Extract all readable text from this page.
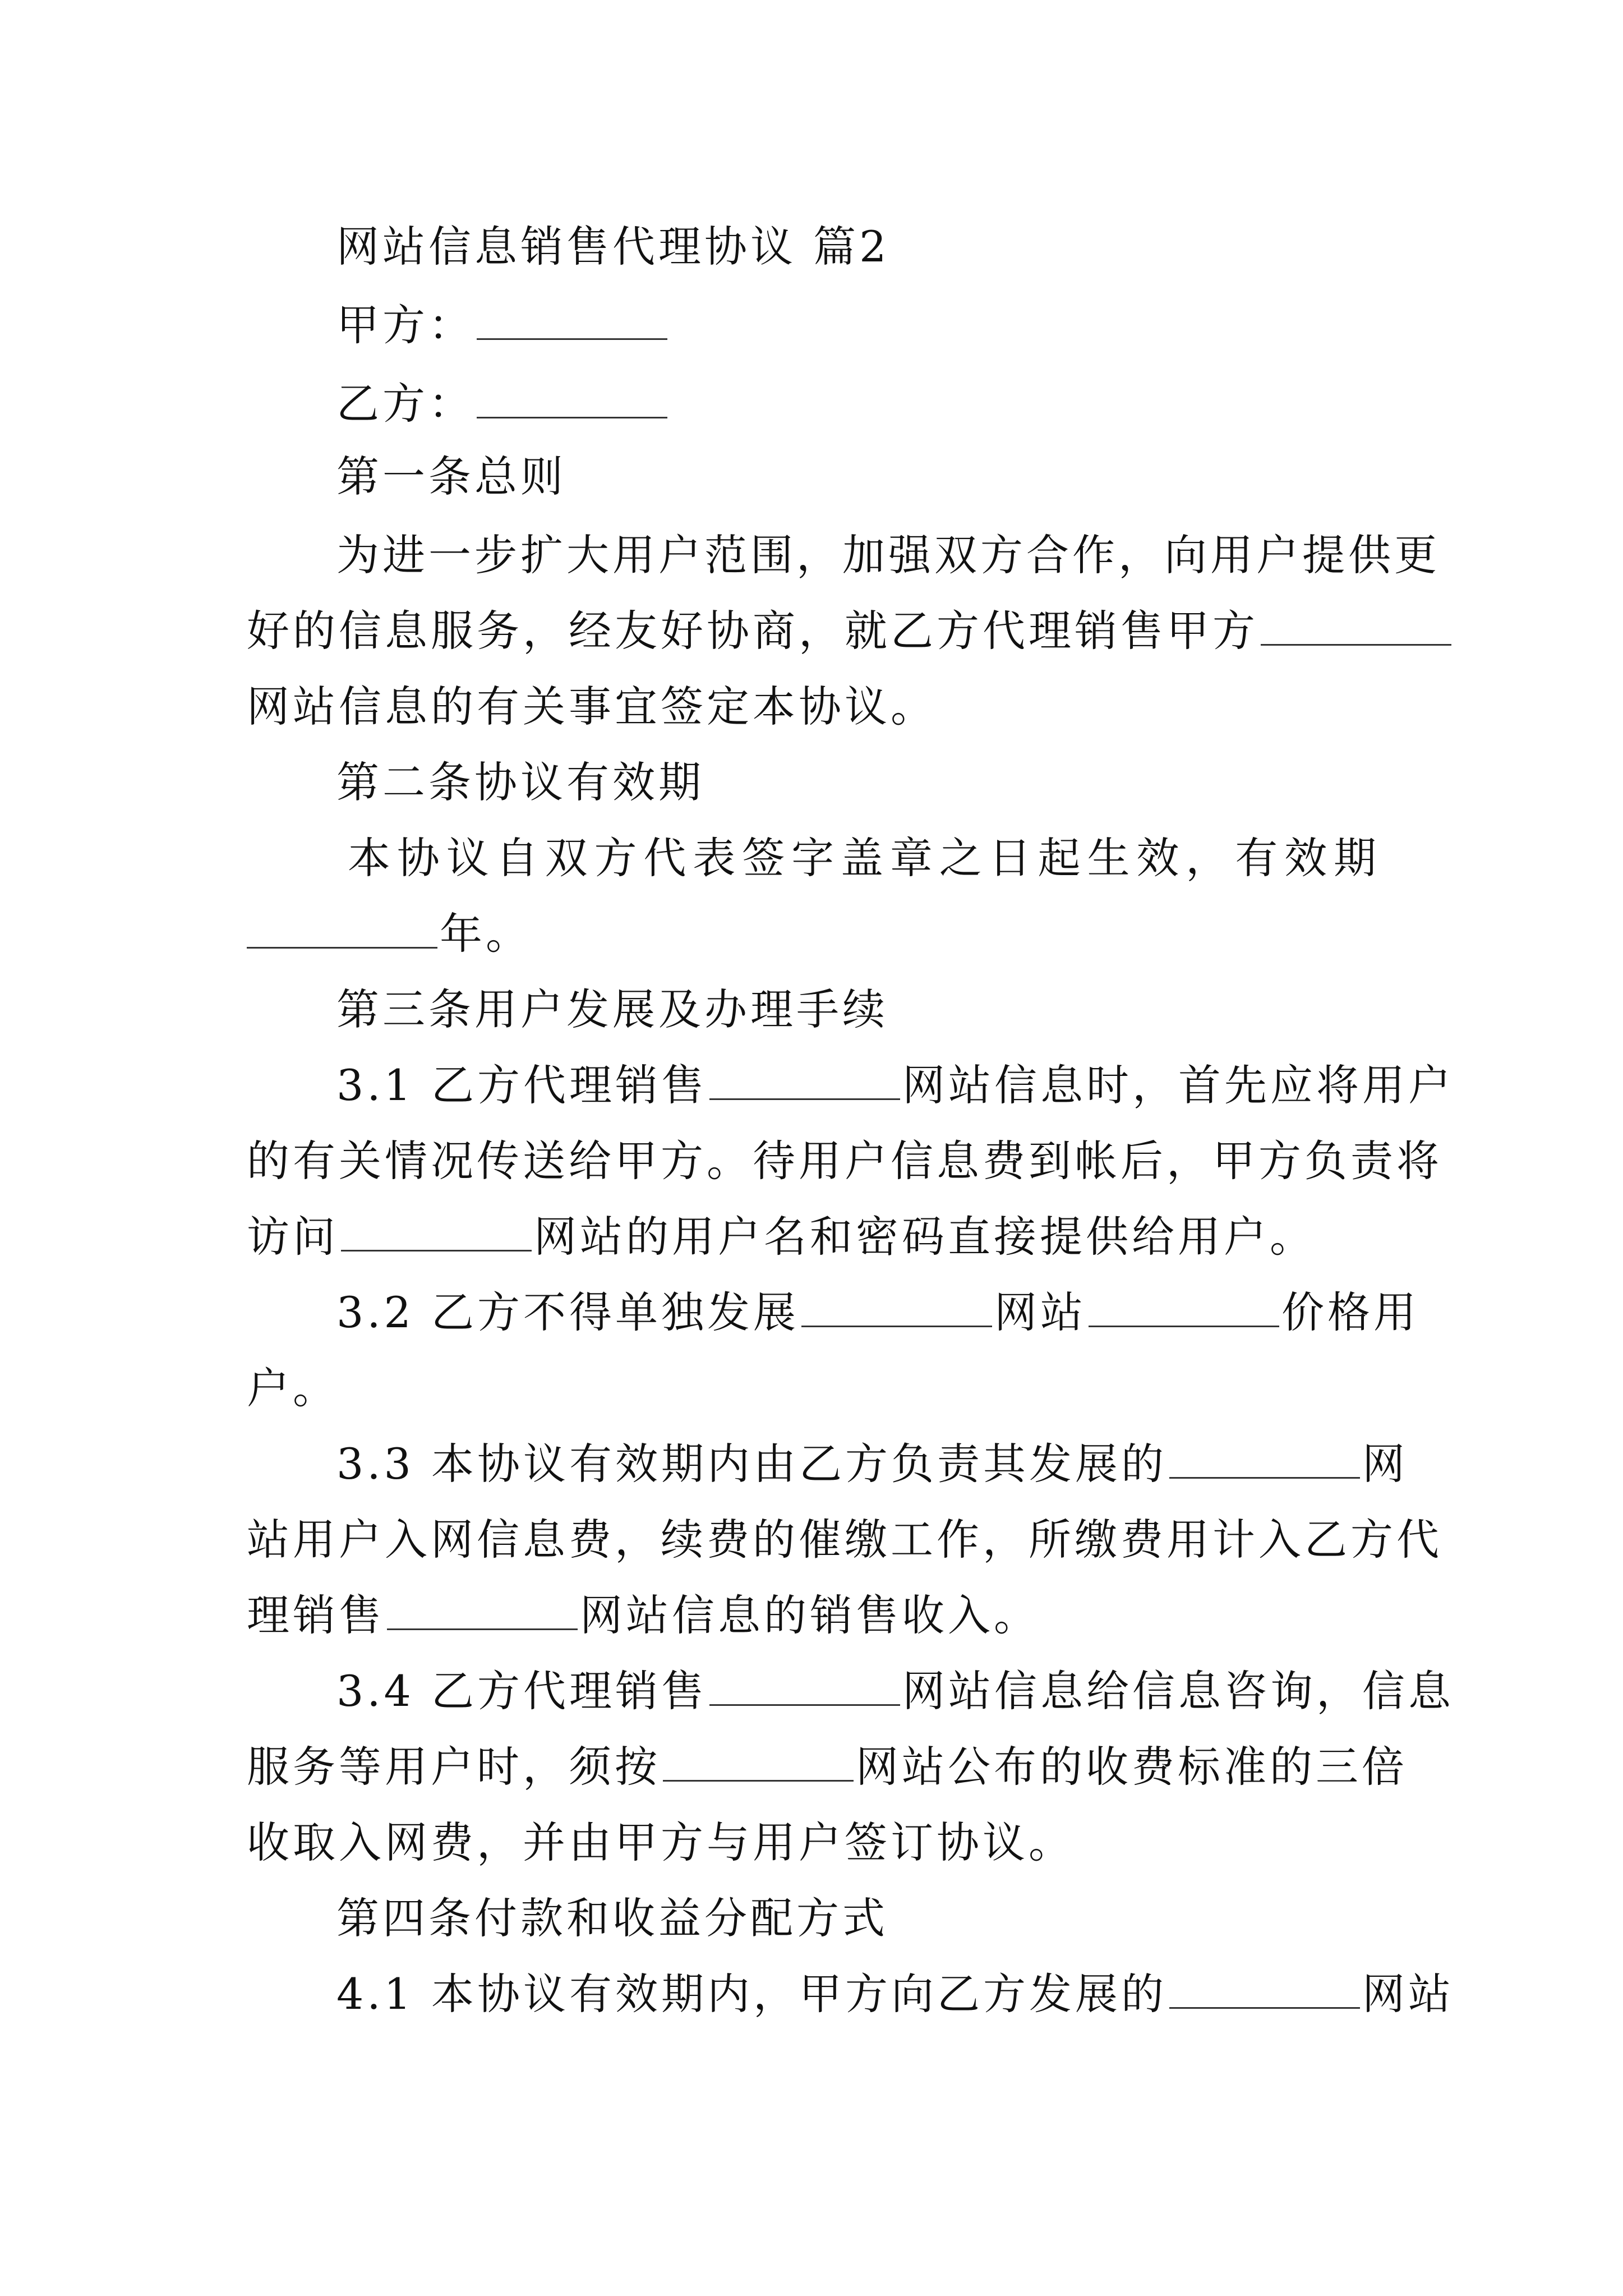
网站信息销售代理协议 篇2
甲方：
乙方：
第一条总则
为进一步扩大用户范围，加强双方合作，向用户提供更
好的信息服务，经友好协商，就乙方代理销售甲方
网站信息的有关事宜签定本协议。
第二条协议有效期
本协议自双方代表签字盖章之日起生效，有效期
年。
第三条用户发展及办理手续
3.1 乙方代理销售	网站信息时，首先应将用户
的有关情况传送给甲方。待用户信息费到帐后，甲方负责将
访问	网站的用户名和密码直接提供给用户。
3.2 乙方不得单独发展	网站	价格用
户。
3.3 本协议有效期内由乙方负责其发展的	网
站用户入网信息费，续费的催缴工作，所缴费用计入乙方代
理销售	网站信息的销售收入。
3.4 乙方代理销售	网站信息给信息咨询，信息
服务等用户时，须按	网站公布的收费标准的三倍
收取入网费，并由甲方与用户签订协议。
第四条付款和收益分配方式
4.1 本协议有效期内，甲方向乙方发展的	网站
